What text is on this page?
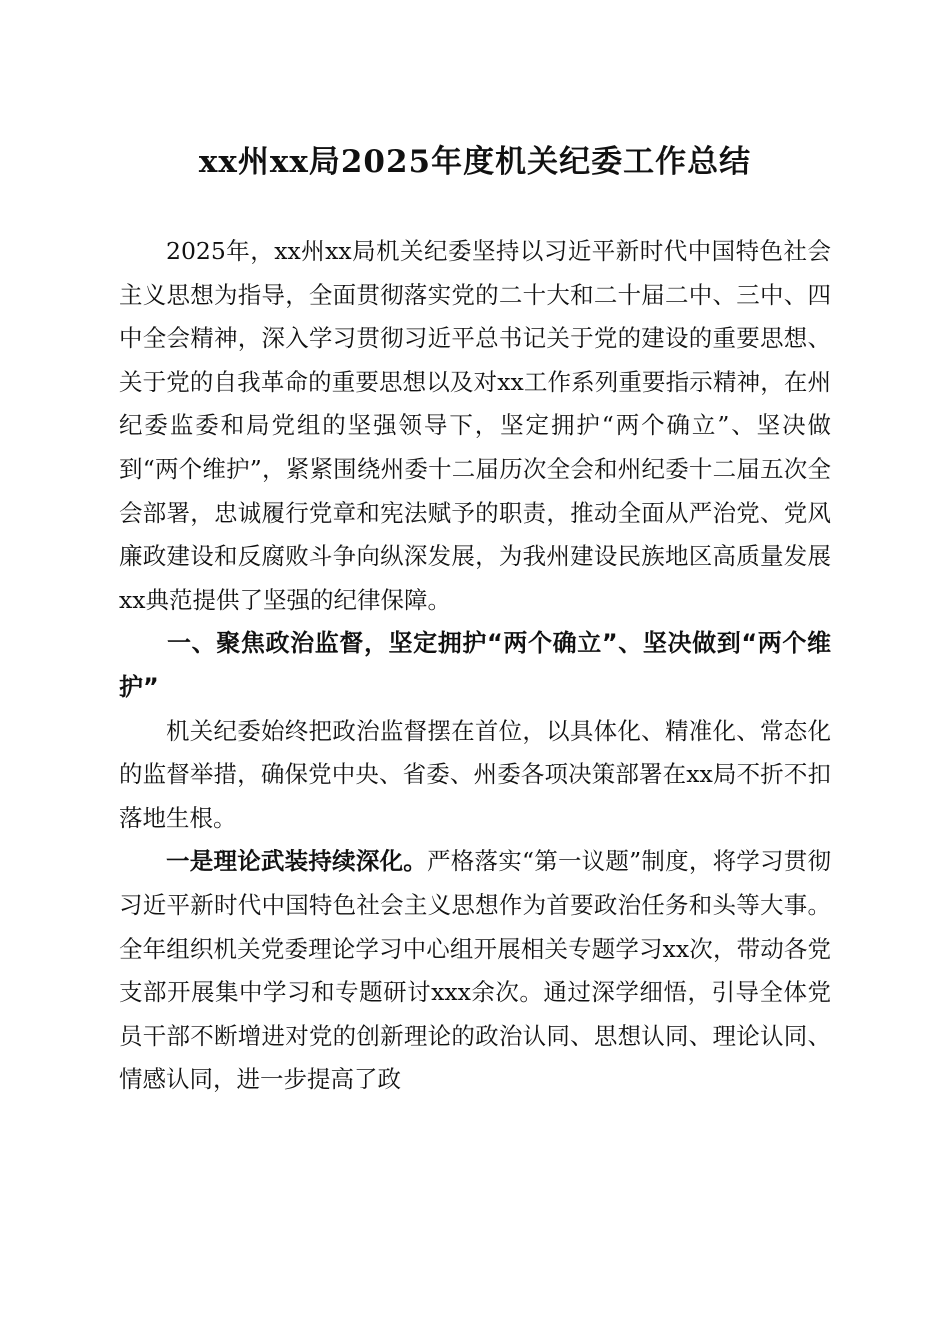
xx州xx局2025年度机关纪委工作总结

2025年，xx州xx局机关纪委坚持以习近平新时代中国特色社会主义思想为指导，全面贯彻落实党的二十大和二十届二中、三中、四中全会精神，深入学习贯彻习近平总书记关于党的建设的重要思想、关于党的自我革命的重要思想以及对xx工作系列重要指示精神，在州纪委监委和局党组的坚强领导下，坚定拥护“两个确立”、坚决做到“两个维护”，紧紧围绕州委十二届历次全会和州纪委十二届五次全会部署，忠诚履行党章和宪法赋予的职责，推动全面从严治党、党风廉政建设和反腐败斗争向纵深发展，为我州建设民族地区高质量发展xx典范提供了坚强的纪律保障。

一、聚焦政治监督，坚定拥护“两个确立”、坚决做到“两个维护”

机关纪委始终把政治监督摆在首位，以具体化、精准化、常态化的监督举措，确保党中央、省委、州委各项决策部署在xx局不折不扣落地生根。

一是理论武装持续深化。严格落实“第一议题”制度，将学习贯彻习近平新时代中国特色社会主义思想作为首要政治任务和头等大事。全年组织机关党委理论学习中心组开展相关专题学习xx次，带动各党支部开展集中学习和专题研讨xxx余次。通过深学细悟，引导全体党员干部不断增进对党的创新理论的政治认同、思想认同、理论认同、情感认同，进一步提高了政
